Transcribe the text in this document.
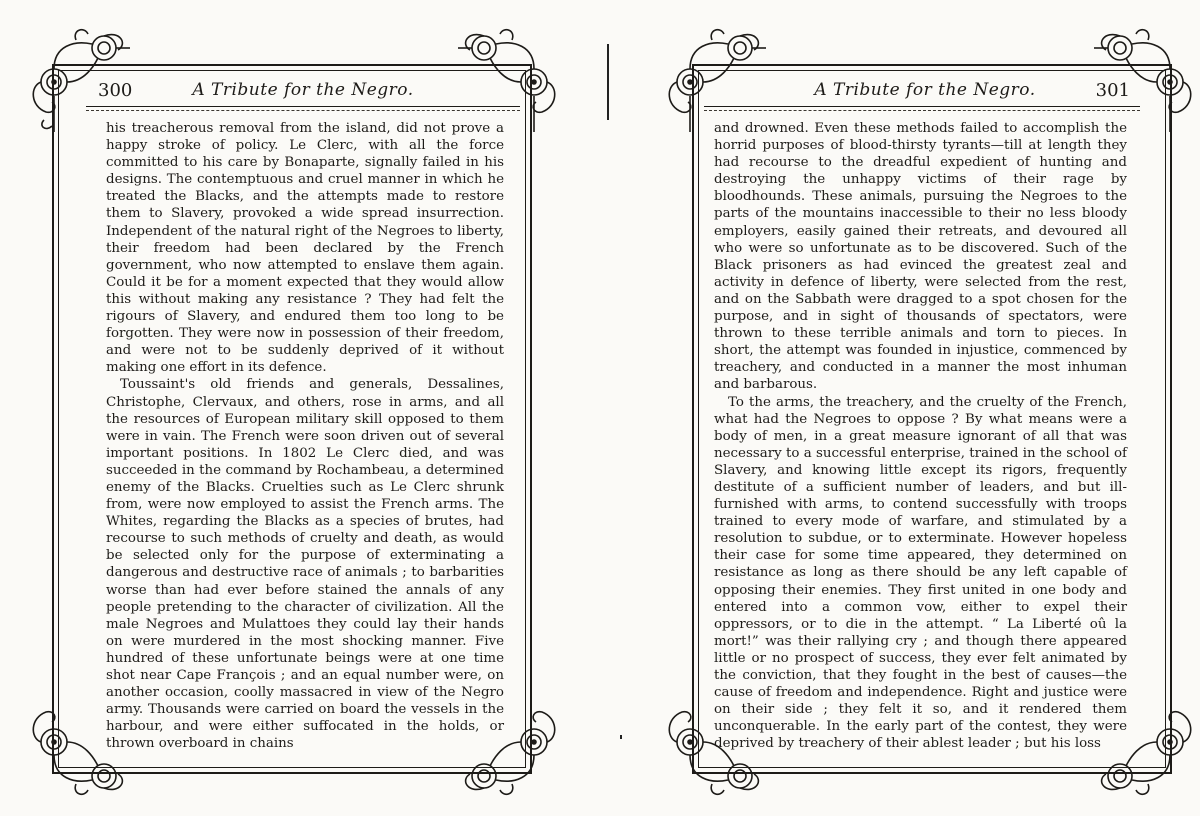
300	A Tribute for the Negro.

his treacherous removal from the island, did not prove a happy stroke of policy. Le Clerc, with all the force committed to his care by Bonaparte, signally failed in his designs. The contemptuous and cruel manner in which he treated the Blacks, and the attempts made to restore them to Slavery, provoked a wide spread insurrection. Independent of the natural right of the Negroes to liberty, their freedom had been declared by the French government, who now attempted to enslave them again. Could it be for a moment expected that they would allow this without making any resistance ? They had felt the rigours of Slavery, and endured them too long to be forgotten. They were now in possession of their freedom, and were not to be suddenly deprived of it without making one effort in its defence.

Toussaint's old friends and generals, Dessalines, Christophe, Clervaux, and others, rose in arms, and all the resources of European military skill opposed to them were in vain. The French were soon driven out of several important positions. In 1802 Le Clerc died, and was succeeded in the command by Rochambeau, a determined enemy of the Blacks. Cruelties such as Le Clerc shrunk from, were now employed to assist the French arms. The Whites, regarding the Blacks as a species of brutes, had recourse to such methods of cruelty and death, as would be selected only for the purpose of exterminating a dangerous and destructive race of animals ; to barbarities worse than had ever before stained the annals of any people pretending to the character of civilization. All the male Negroes and Mulattoes they could lay their hands on were murdered in the most shocking manner. Five hundred of these unfortunate beings were at one time shot near Cape François ; and an equal number were, on another occasion, coolly massacred in view of the Negro army. Thousands were carried on board the vessels in the harbour, and were either suffocated in the holds, or thrown overboard in chains

A Tribute for the Negro.	301

and drowned. Even these methods failed to accomplish the horrid purposes of blood-thirsty tyrants—till at length they had recourse to the dreadful expedient of hunting and destroying the unhappy victims of their rage by bloodhounds. These animals, pursuing the Negroes to the parts of the mountains inaccessible to their no less bloody employers, easily gained their retreats, and devoured all who were so unfortunate as to be discovered. Such of the Black prisoners as had evinced the greatest zeal and activity in defence of liberty, were selected from the rest, and on the Sabbath were dragged to a spot chosen for the purpose, and in sight of thousands of spectators, were thrown to these terrible animals and torn to pieces. In short, the attempt was founded in injustice, commenced by treachery, and conducted in a manner the most inhuman and barbarous.

To the arms, the treachery, and the cruelty of the French, what had the Negroes to oppose ? By what means were a body of men, in a great measure ignorant of all that was necessary to a successful enterprise, trained in the school of Slavery, and knowing little except its rigors, frequently destitute of a sufficient number of leaders, and but ill-furnished with arms, to contend successfully with troops trained to every mode of warfare, and stimulated by a resolution to subdue, or to exterminate. However hopeless their case for some time appeared, they determined on resistance as long as there should be any left capable of opposing their enemies. They first united in one body and entered into a common vow, either to expel their oppressors, or to die in the attempt. “ La Liberté oû la mort!” was their rallying cry ; and though there appeared little or no prospect of success, they ever felt animated by the conviction, that they fought in the best of causes—the cause of freedom and independence. Right and justice were on their side ; they felt it so, and it rendered them unconquerable. In the early part of the contest, they were deprived by treachery of their ablest leader ; but his loss
